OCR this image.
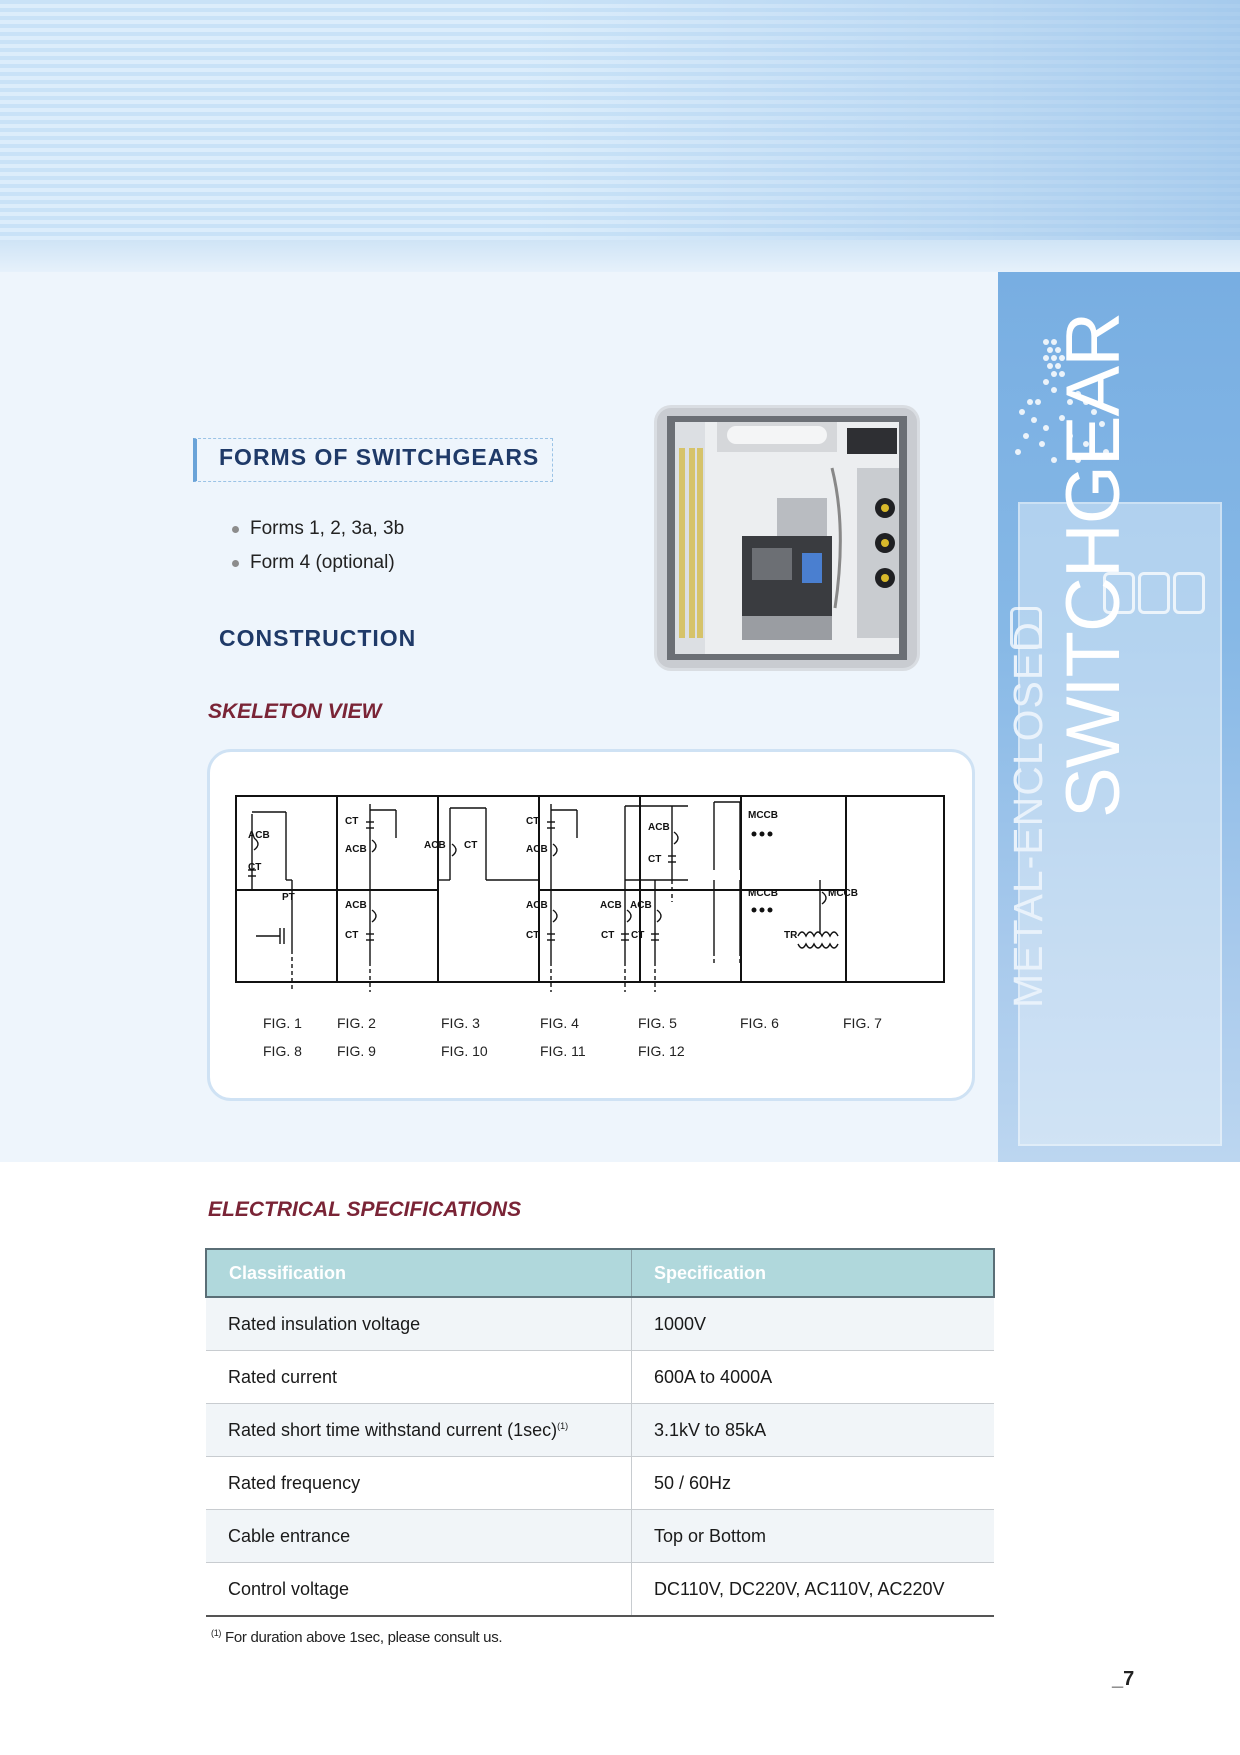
METAL-ENCLOSED SWITCHGEAR
FORMS OF SWITCHGEARS
Forms 1, 2, 3a, 3b
Form 4 (optional)
CONSTRUCTION
SKELETON VIEW
ACB
CT
PT
CT
ACB
ACB
CT
ACB CT
CT
ACB
ACB
CT
ACB
CT
ACB ACB
CT CT
MCCB
MCCB	MCCB
TR
FIG. 1	FIG. 2	FIG. 3	FIG. 4	FIG. 5	FIG. 6	FIG. 7
FIG. 8	FIG. 9	FIG. 10	FIG. 11	FIG. 12
ELECTRICAL SPECIFICATIONS
Classification	Specification
Rated insulation voltage	1000V
Rated current	600A to 4000A
Rated short time withstand current $(1\sec)^{(1)}$	3.1kV to 85kA
Rated frequency	50 / 60Hz
Cable entrance	Top or Bottom
Control voltage	DC110V, DC220V, AC110V, AC220V
$^{(1)}$ For duration above 1sec, please consult us.
_7
